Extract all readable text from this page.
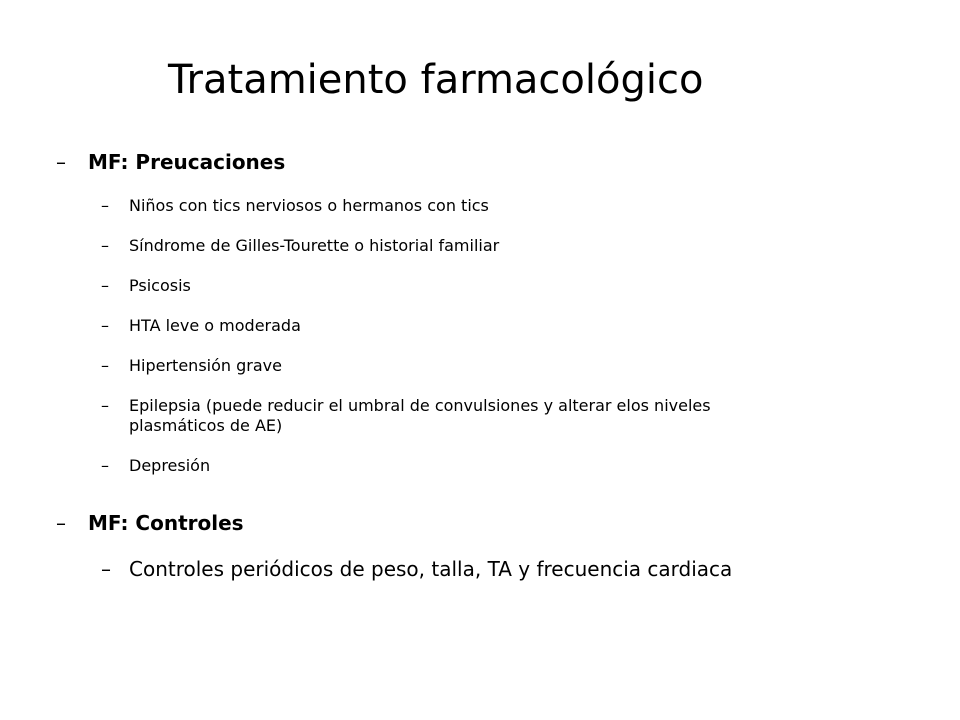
Tratamiento farmacológico
– MF: Preucaciones
– Niños con tics nerviosos o hermanos con tics
– Síndrome de Gilles-Tourette o historial familiar
– Psicosis
– HTA leve o moderada
– Hipertensión grave
– Epilepsia (puede reducir el umbral de convulsiones y alterar elos niveles plasmáticos de AE)
– Depresión
– MF: Controles
– Controles periódicos de peso, talla, TA y frecuencia cardiaca
